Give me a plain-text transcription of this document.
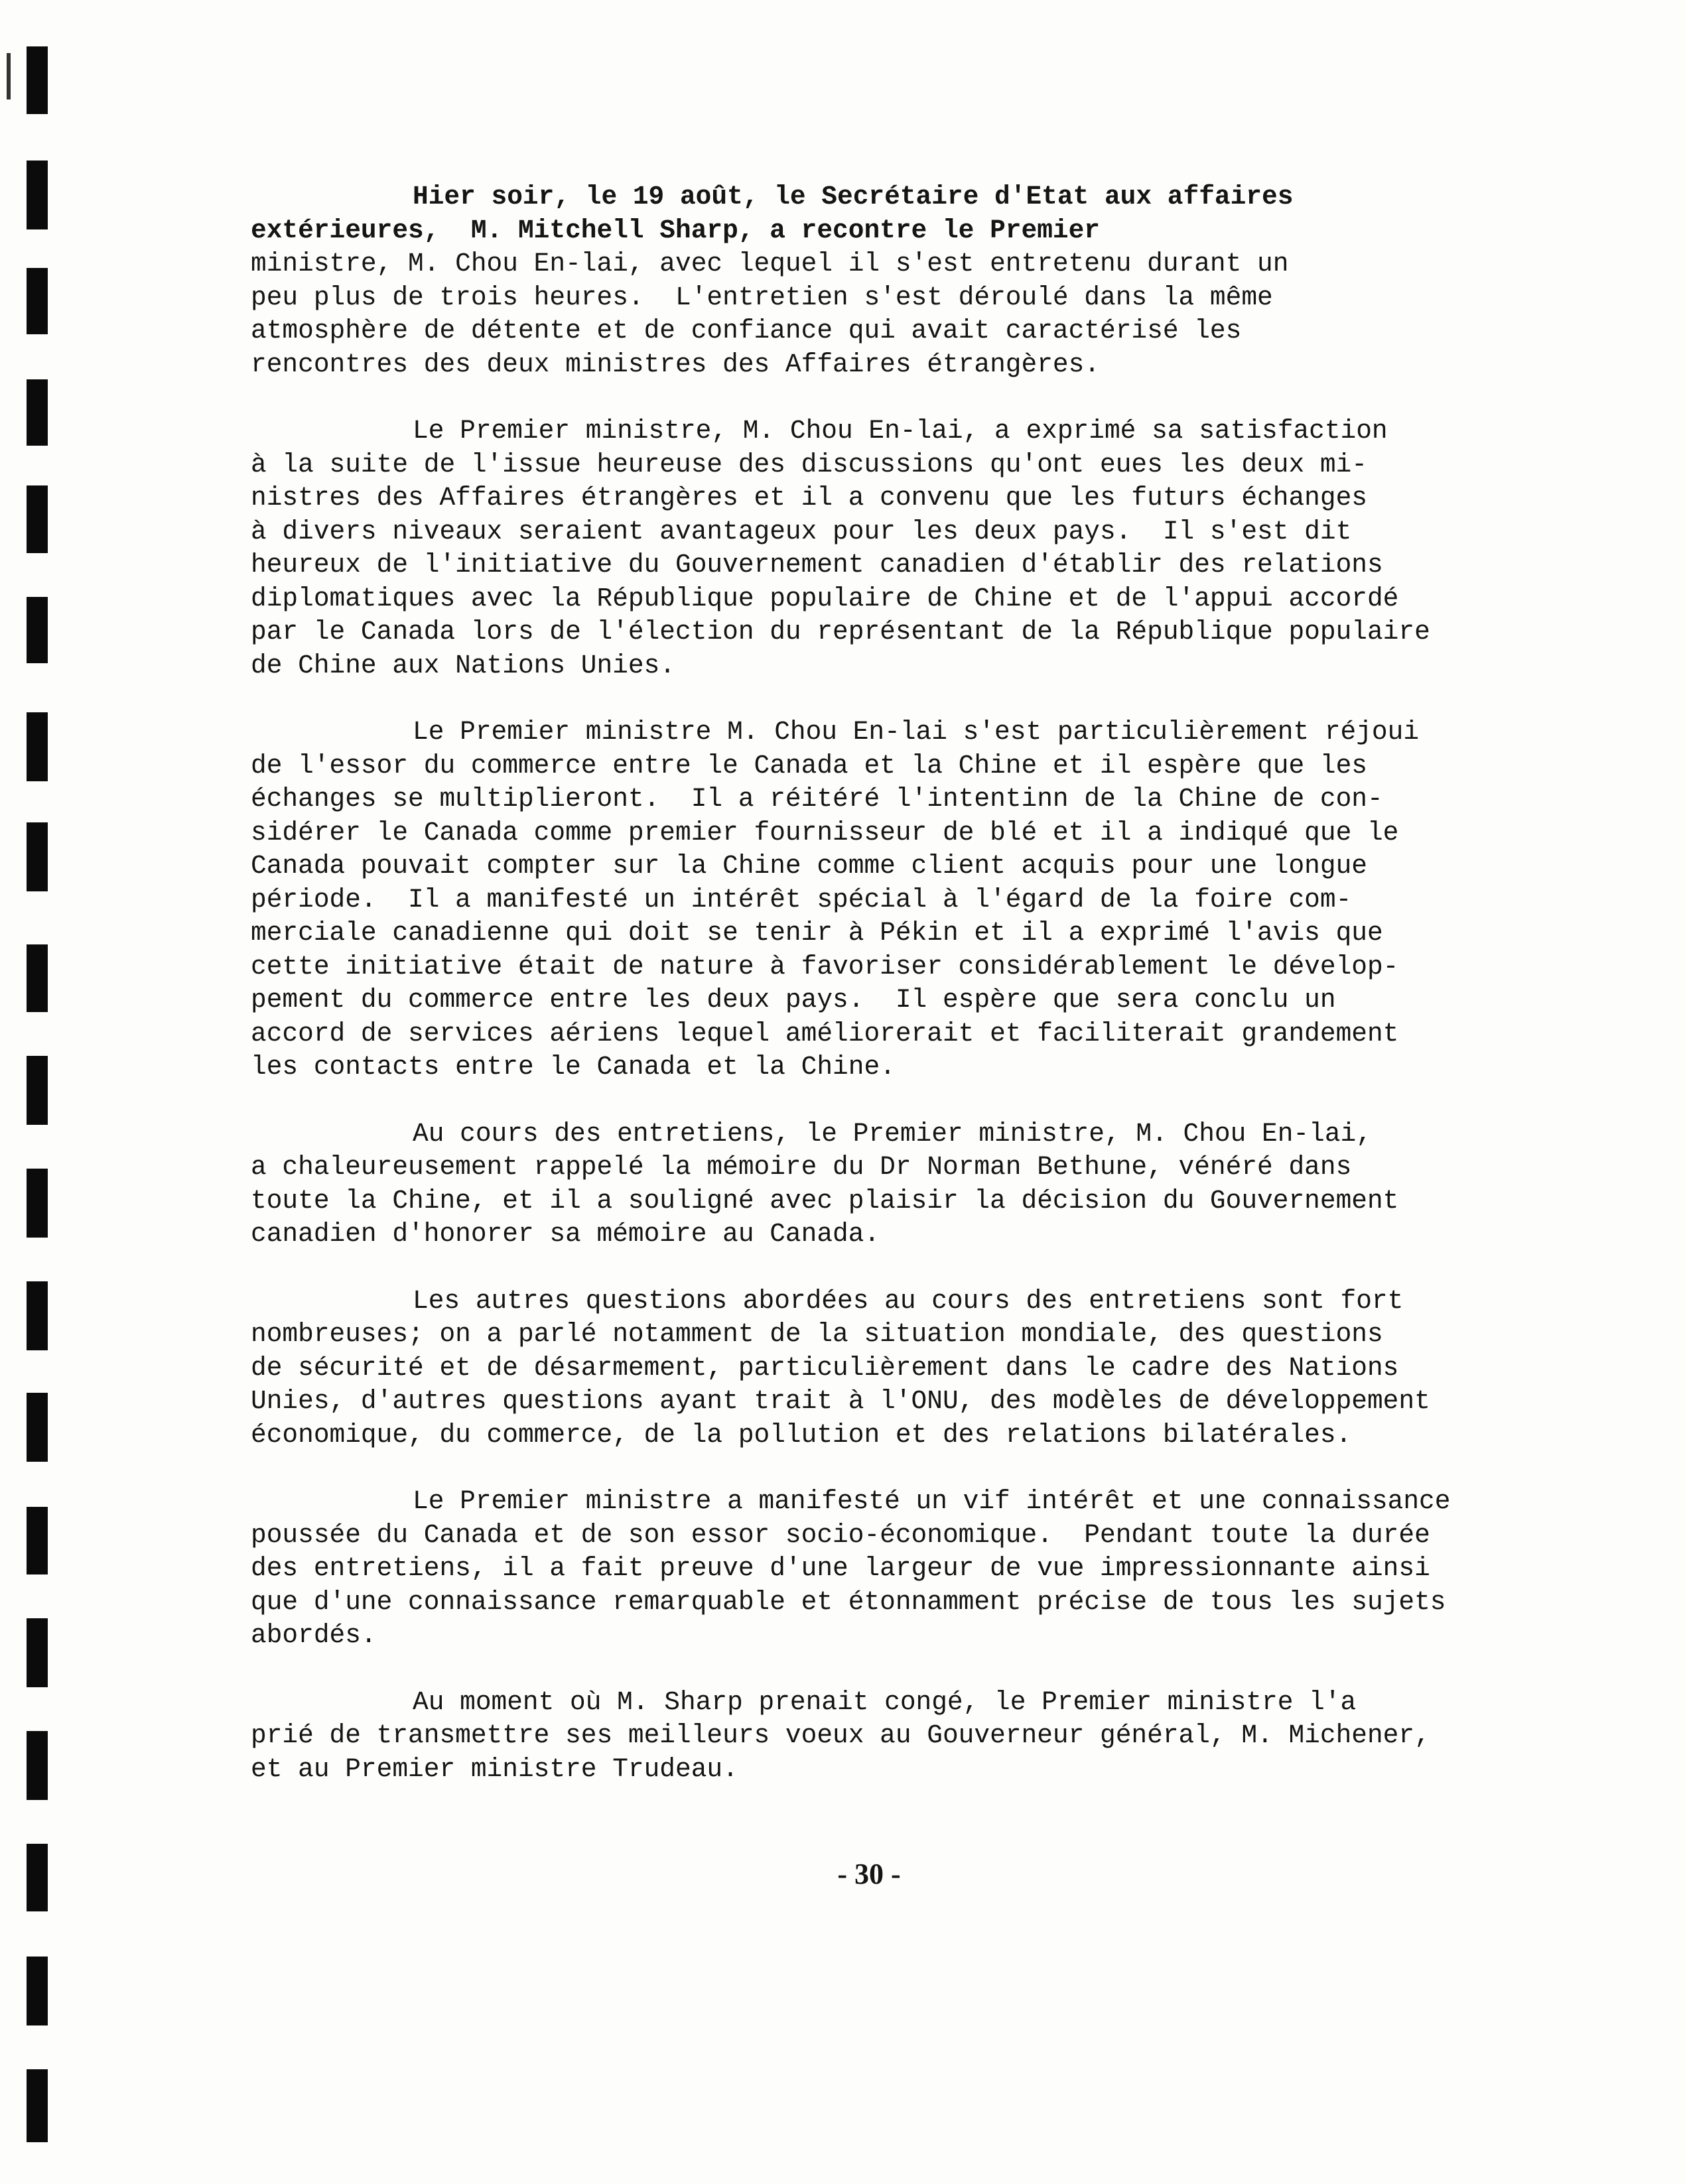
Hier soir, le 19 août, le Secrétaire d'Etat aux affaires
extérieures,  M. Mitchell Sharp, a recontre le Premier
ministre, M. Chou En-lai, avec lequel il s'est entretenu durant un
peu plus de trois heures.  L'entretien s'est déroulé dans la même
atmosphère de détente et de confiance qui avait caractérisé les
rencontres des deux ministres des Affaires étrangères.
Le Premier ministre, M. Chou En-lai, a exprimé sa satisfaction
à la suite de l'issue heureuse des discussions qu'ont eues les deux mi-
nistres des Affaires étrangères et il a convenu que les futurs échanges
à divers niveaux seraient avantageux pour les deux pays.  Il s'est dit
heureux de l'initiative du Gouvernement canadien d'établir des relations
diplomatiques avec la République populaire de Chine et de l'appui accordé
par le Canada lors de l'élection du représentant de la République populaire
de Chine aux Nations Unies.
Le Premier ministre M. Chou En-lai s'est particulièrement réjoui
de l'essor du commerce entre le Canada et la Chine et il espère que les
échanges se multiplieront.  Il a réitéré l'intentinn de la Chine de con-
sidérer le Canada comme premier fournisseur de blé et il a indiqué que le
Canada pouvait compter sur la Chine comme client acquis pour une longue
période.  Il a manifesté un intérêt spécial à l'égard de la foire com-
merciale canadienne qui doit se tenir à Pékin et il a exprimé l'avis que
cette initiative était de nature à favoriser considérablement le dévelop-
pement du commerce entre les deux pays.  Il espère que sera conclu un
accord de services aériens lequel améliorerait et faciliterait grandement
les contacts entre le Canada et la Chine.
Au cours des entretiens, le Premier ministre, M. Chou En-lai,
a chaleureusement rappelé la mémoire du Dr Norman Bethune, vénéré dans
toute la Chine, et il a souligné avec plaisir la décision du Gouvernement
canadien d'honorer sa mémoire au Canada.
Les autres questions abordées au cours des entretiens sont fort
nombreuses; on a parlé notamment de la situation mondiale, des questions
de sécurité et de désarmement, particulièrement dans le cadre des Nations
Unies, d'autres questions ayant trait à l'ONU, des modèles de développement
économique, du commerce, de la pollution et des relations bilatérales.
Le Premier ministre a manifesté un vif intérêt et une connaissance
poussée du Canada et de son essor socio-économique.  Pendant toute la durée
des entretiens, il a fait preuve d'une largeur de vue impressionnante ainsi
que d'une connaissance remarquable et étonnamment précise de tous les sujets
abordés.
Au moment où M. Sharp prenait congé, le Premier ministre l'a
prié de transmettre ses meilleurs voeux au Gouverneur général, M. Michener,
et au Premier ministre Trudeau.
- 30 -
